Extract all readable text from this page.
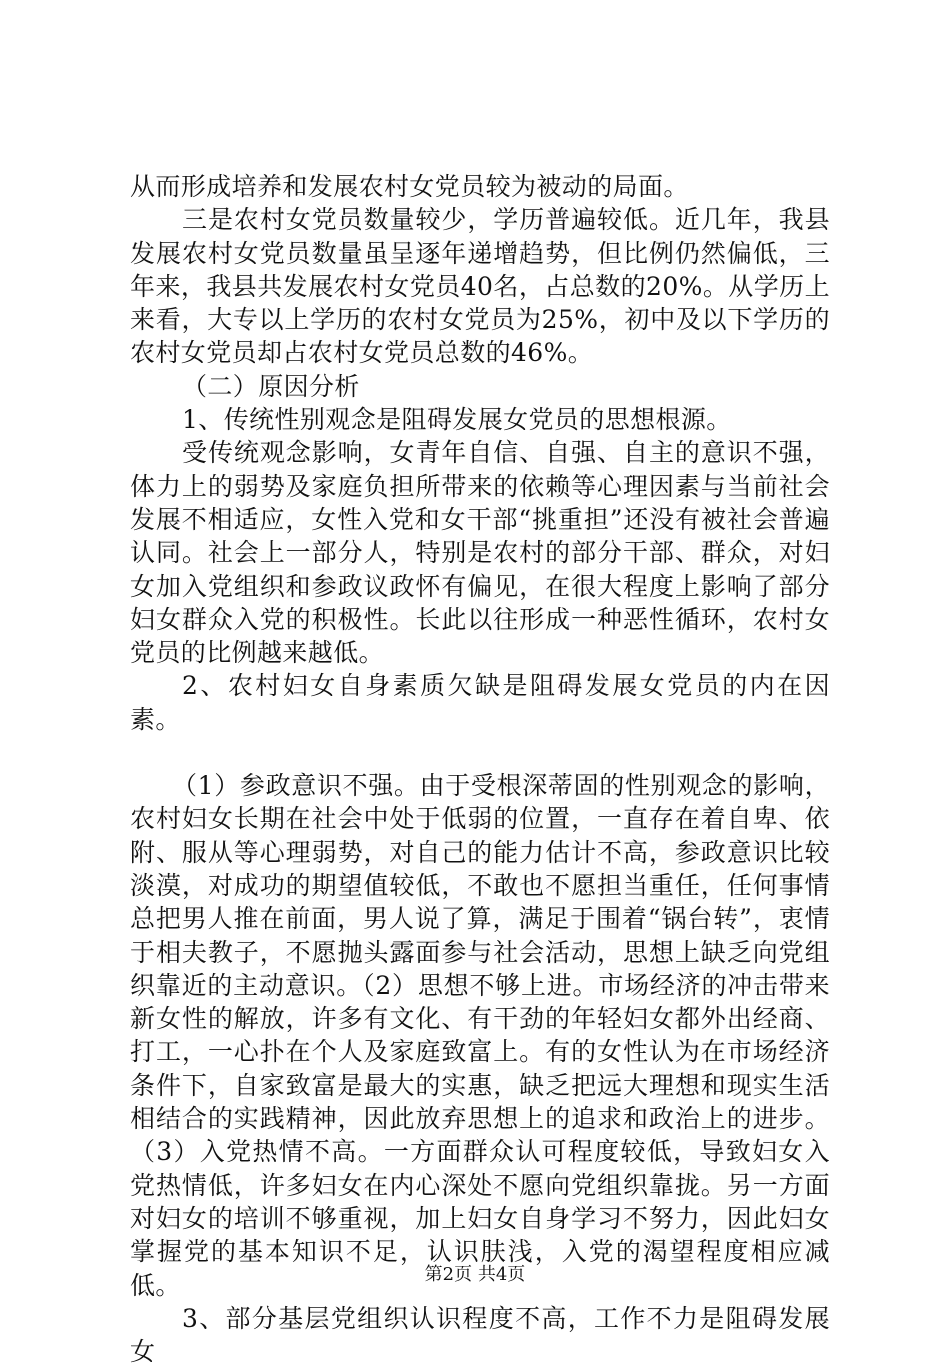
从而形成培养和发展农村女党员较为被动的局面。

三是农村女党员数量较少，学历普遍较低。近几年，我县发展农村女党员数量虽呈逐年递增趋势，但比例仍然偏低，三年来，我县共发展农村女党员40名，占总数的20%。从学历上来看，大专以上学历的农村女党员为25%，初中及以下学历的农村女党员却占农村女党员总数的46%。

（二）原因分析

1、传统性别观念是阻碍发展女党员的思想根源。

受传统观念影响，女青年自信、自强、自主的意识不强，体力上的弱势及家庭负担所带来的依赖等心理因素与当前社会发展不相适应，女性入党和女干部“挑重担”还没有被社会普遍认同。社会上一部分人，特别是农村的部分干部、群众，对妇女加入党组织和参政议政怀有偏见，在很大程度上影响了部分妇女群众入党的积极性。长此以往形成一种恶性循环，农村女党员的比例越来越低。

2、农村妇女自身素质欠缺是阻碍发展女党员的内在因素。

（1）参政意识不强。由于受根深蒂固的性别观念的影响，农村妇女长期在社会中处于低弱的位置，一直存在着自卑、依附、服从等心理弱势，对自己的能力估计不高，参政意识比较淡漠，对成功的期望值较低，不敢也不愿担当重任，任何事情总把男人推在前面，男人说了算，满足于围着“锅台转”，衷情于相夫教子，不愿抛头露面参与社会活动，思想上缺乏向党组织靠近的主动意识。（2）思想不够上进。市场经济的冲击带来新女性的解放，许多有文化、有干劲的年轻妇女都外出经商、打工，一心扑在个人及家庭致富上。有的女性认为在市场经济条件下，自家致富是最大的实惠，缺乏把远大理想和现实生活相结合的实践精神，因此放弃思想上的追求和政治上的进步。（3）入党热情不高。一方面群众认可程度较低，导致妇女入党热情低，许多妇女在内心深处不愿向党组织靠拢。另一方面对妇女的培训不够重视，加上妇女自身学习不努力，因此妇女掌握党的基本知识不足，认识肤浅，入党的渴望程度相应减低。

3、部分基层党组织认识程度不高，工作不力是阻碍发展女

第2页 共4页
